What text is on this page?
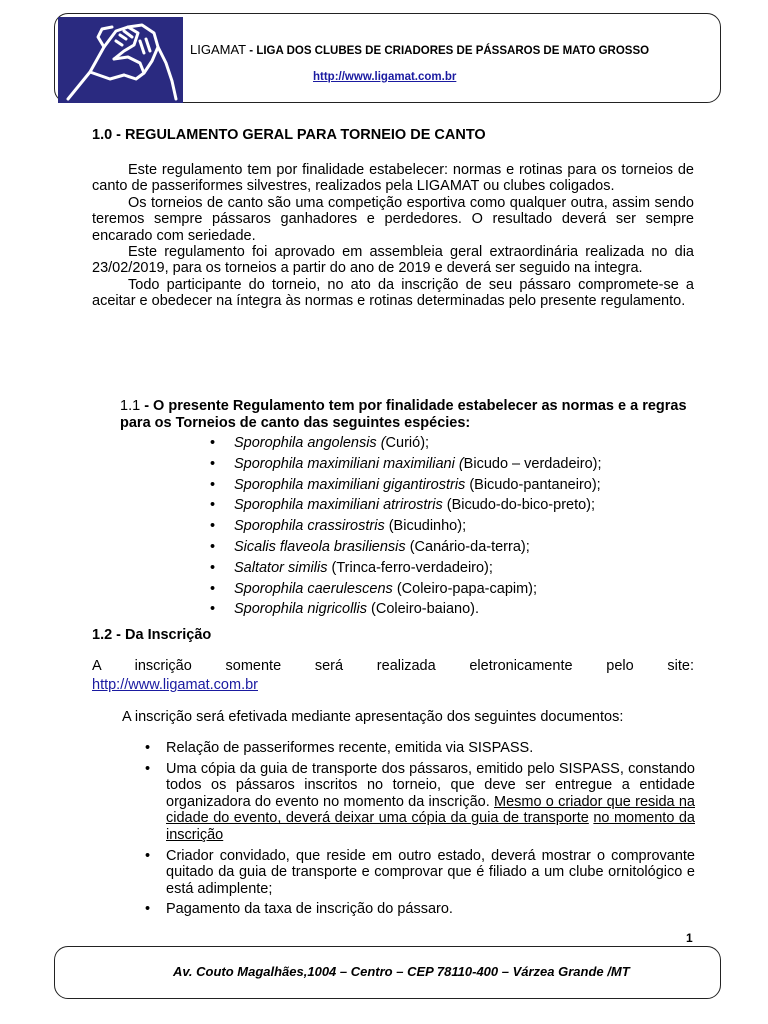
LIGAMAT - LIGA DOS CLUBES DE CRIADORES DE PÁSSAROS DE MATO GROSSO
http://www.ligamat.com.br
1.0 - REGULAMENTO GERAL PARA TORNEIO DE CANTO

Este regulamento tem por finalidade estabelecer: normas e rotinas para os torneios de canto de passeriformes silvestres, realizados pela LIGAMAT ou clubes coligados.

Os torneios de canto são uma competição esportiva como qualquer outra, assim sendo teremos sempre pássaros ganhadores e perdedores. O resultado deverá ser sempre encarado com seriedade.

Este regulamento foi aprovado em assembleia geral extraordinária realizada no dia 23/02/2019, para os torneios a partir do ano de 2019 e deverá ser seguido na integra.

Todo participante do torneio, no ato da inscrição de seu pássaro compromete-se a aceitar e obedecer na íntegra às normas e rotinas determinadas pelo presente regulamento.

1.1 - O presente Regulamento tem por finalidade estabelecer as normas e a regras para os Torneios de canto das seguintes espécies:
• Sporophila angolensis (Curió);
• Sporophila maximiliani maximiliani (Bicudo – verdadeiro);
• Sporophila maximiliani gigantirostris (Bicudo-pantaneiro);
• Sporophila maximiliani atrirostris (Bicudo-do-bico-preto);
• Sporophila crassirostris (Bicudinho);
• Sicalis flaveola brasiliensis (Canário-da-terra);
• Saltator similis (Trinca-ferro-verdadeiro);
• Sporophila caerulescens (Coleiro-papa-capim);
• Sporophila nigricollis (Coleiro-baiano).
1.2 - Da Inscrição
A inscrição somente será realizada eletronicamente pelo site:
http://www.ligamat.com.br
A inscrição será efetivada mediante apresentação dos seguintes documentos:
• Relação de passeriformes recente, emitida via SISPASS.
• Uma cópia da guia de transporte dos pássaros, emitido pelo SISPASS, constando todos os pássaros inscritos no torneio, que deve ser entregue a entidade organizadora do evento no momento da inscrição. Mesmo o criador que resida na cidade do evento, deverá deixar uma cópia da guia de transporte no momento da inscrição
• Criador convidado, que reside em outro estado, deverá mostrar o comprovante quitado da guia de transporte e comprovar que é filiado a um clube ornitológico e está adimplente;
• Pagamento da taxa de inscrição do pássaro.
1
Av. Couto Magalhães,1004 – Centro – CEP 78110-400 – Várzea Grande /MT
